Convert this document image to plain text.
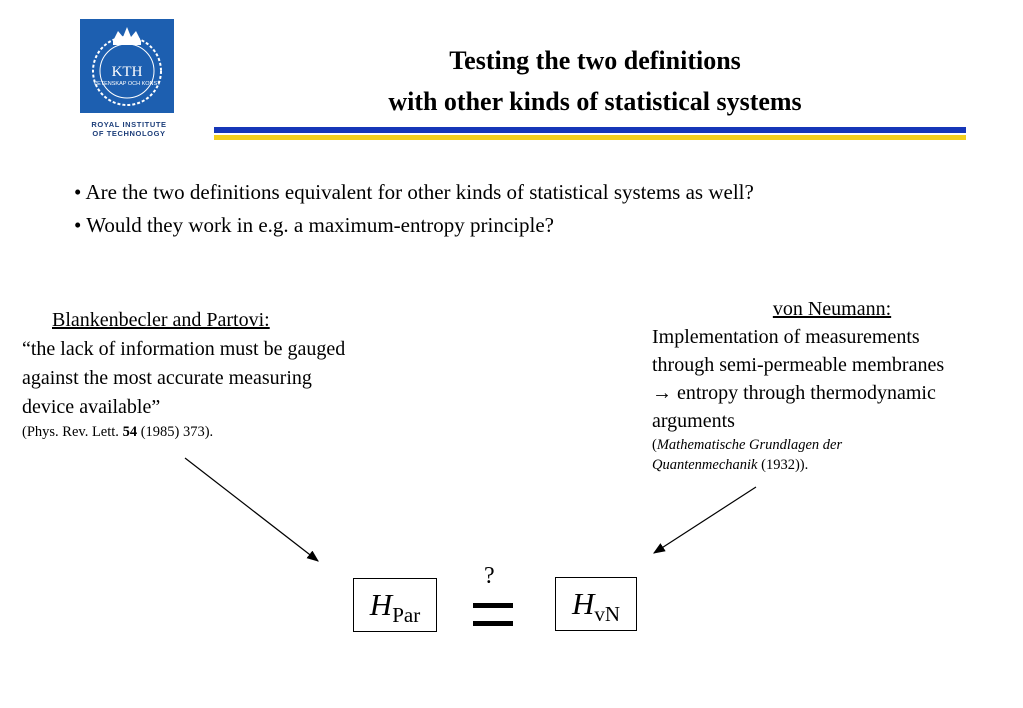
KTH
VETENSKAP OCH KONST
ROYAL INSTITUTE
OF TECHNOLOGY
Testing the two definitions
with other kinds of statistical systems
• Are the two definitions equivalent for other kinds of statistical systems as well?
• Would they work in e.g. a maximum-entropy principle?
Blankenbecler and Partovi:
“the lack of information must be gauged against the most accurate measuring device available”
(Phys. Rev. Lett. 54 (1985) 373).
von Neumann:
Implementation of measurements
through semi-permeable membranes
→ entropy through thermodynamic
arguments
(Mathematische Grundlagen der
Quantenmechanik (1932)).
H Par
?
H vN
